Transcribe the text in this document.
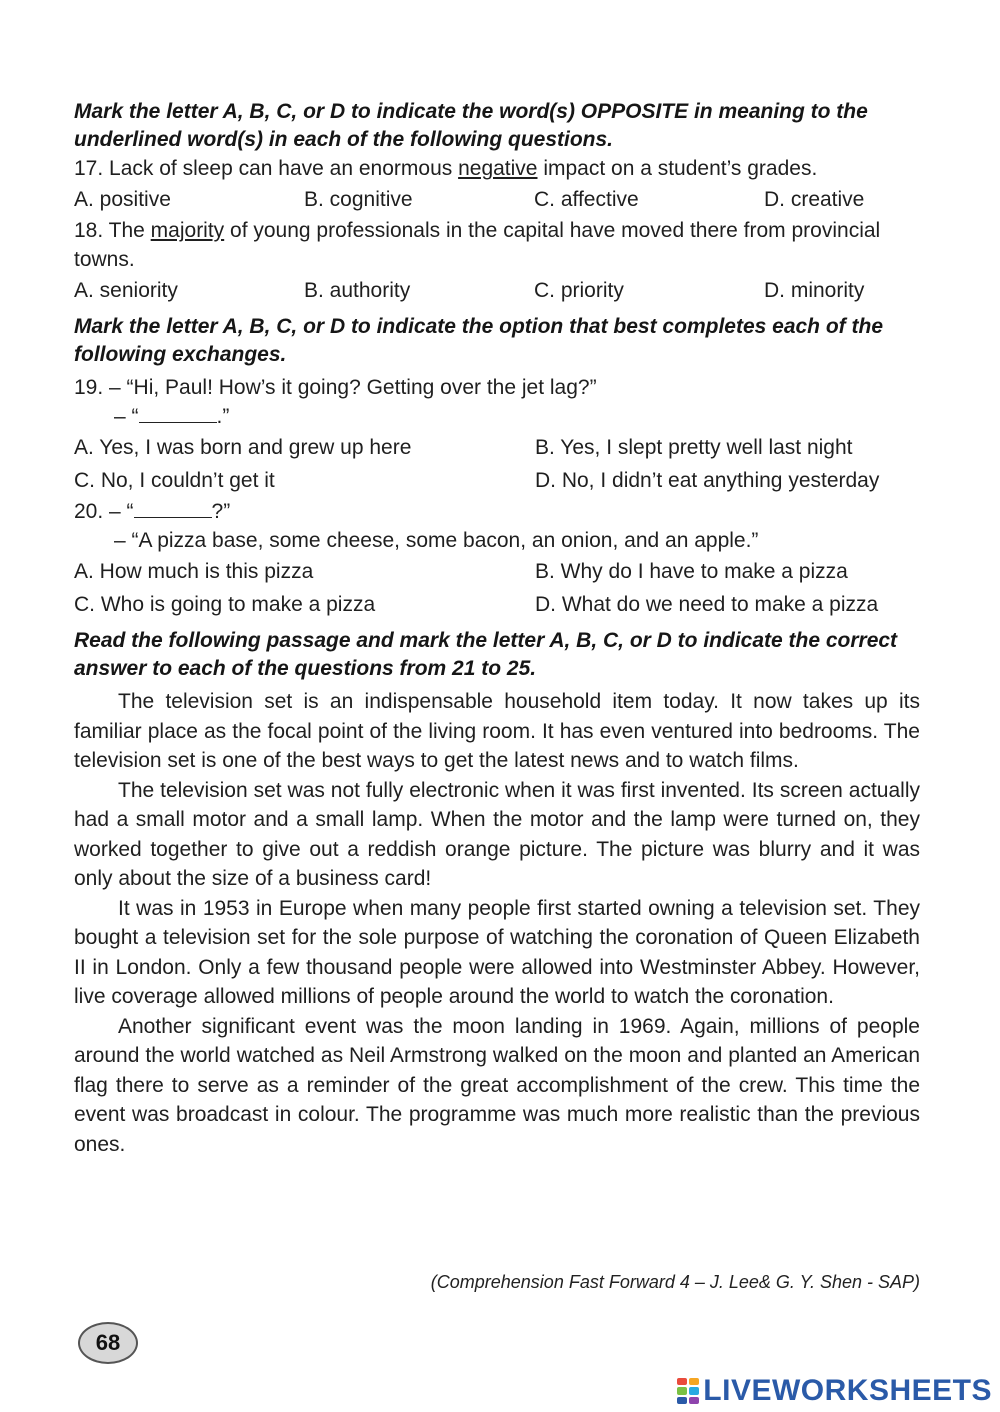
Mark the letter A, B, C, or D to indicate the word(s) OPPOSITE in meaning to the underlined word(s) in each of the following questions.

17. Lack of sleep can have an enormous negative impact on a student’s grades.

A. positive	B. cognitive	C. affective	D. creative

18. The majority of young professionals in the capital have moved there from provincial towns.

A. seniority	B. authority	C. priority	D. minority

Mark the letter A, B, C, or D to indicate the option that best completes each of the following exchanges.

19. – “Hi, Paul! How’s it going? Getting over the jet lag?”

– “	.”

A. Yes, I was born and grew up here	B. Yes, I slept pretty well last night
C. No, I couldn’t get it	D. No, I didn’t eat anything yesterday

20. – “	?”

– “A pizza base, some cheese, some bacon, an onion, and an apple.”

A. How much is this pizza	B. Why do I have to make a pizza
C. Who is going to make a pizza	D. What do we need to make a pizza

Read the following passage and mark the letter A, B, C, or D to indicate the correct answer to each of the questions from 21 to 25.

The television set is an indispensable household item today. It now takes up its familiar place as the focal point of the living room. It has even ventured into bedrooms. The television set is one of the best ways to get the latest news and to watch films.

The television set was not fully electronic when it was first invented. Its screen actually had a small motor and a small lamp. When the motor and the lamp were turned on, they worked together to give out a reddish orange picture. The picture was blurry and it was only about the size of a business card!

It was in 1953 in Europe when many people first started owning a television set. They bought a television set for the sole purpose of watching the coronation of Queen Elizabeth II in London. Only a few thousand people were allowed into Westminster Abbey. However, live coverage allowed millions of people around the world to watch the coronation.

Another significant event was the moon landing in 1969. Again, millions of people around the world watched as Neil Armstrong walked on the moon and planted an American flag there to serve as a reminder of the great accomplishment of the crew. This time the event was broadcast in colour. The programme was much more realistic than the previous ones.

(Comprehension Fast Forward 4 – J. Lee& G. Y. Shen - SAP)
68
LIVEWORKSHEETS
